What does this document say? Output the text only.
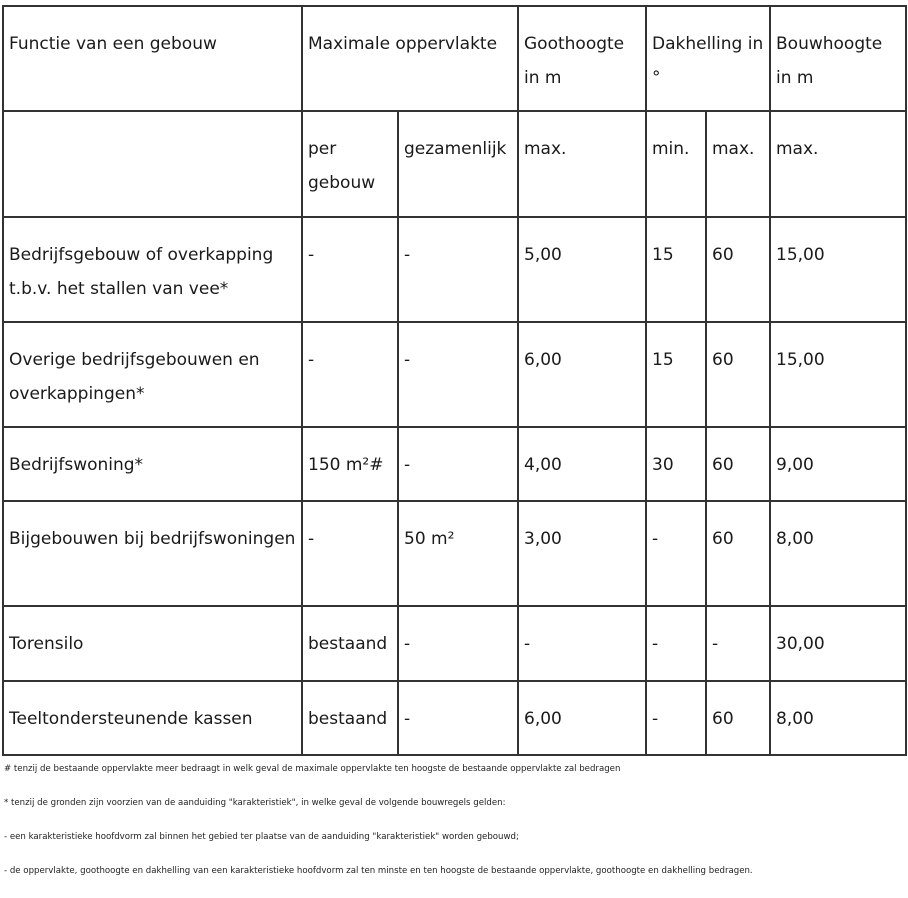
Functie van een gebouw	Maximale oppervlakte		Goothoogte in m	Dakhelling in °		Bouwhoogte in m
	per gebouw	gezamenlijk	max.	min.	max.	max.
Bedrijfsgebouw of overkapping t.b.v. het stallen van vee*	-	-	5,00	15	60	15,00
Overige bedrijfsgebouwen en overkappingen*	-	-	6,00	15	60	15,00
Bedrijfswoning*	150 m²#	-	4,00	30	60	9,00
Bijgebouwen bij bedrijfswoningen	-	50 m²	3,00	-	60	8,00
Torensilo	bestaand	-	-	-	-	30,00
Teeltondersteunende kassen	bestaand	-	6,00	-	60	8,00

# tenzij de bestaande oppervlakte meer bedraagt in welk geval de maximale oppervlakte ten hoogste de bestaande oppervlakte zal bedragen

* tenzij de gronden zijn voorzien van de aanduiding "karakteristiek", in welke geval de volgende bouwregels gelden:

- een karakteristieke hoofdvorm zal binnen het gebied ter plaatse van de aanduiding "karakteristiek" worden gebouwd;

- de oppervlakte, goothoogte en dakhelling van een karakteristieke hoofdvorm zal ten minste en ten hoogste de bestaande oppervlakte, goothoogte en dakhelling bedragen.
